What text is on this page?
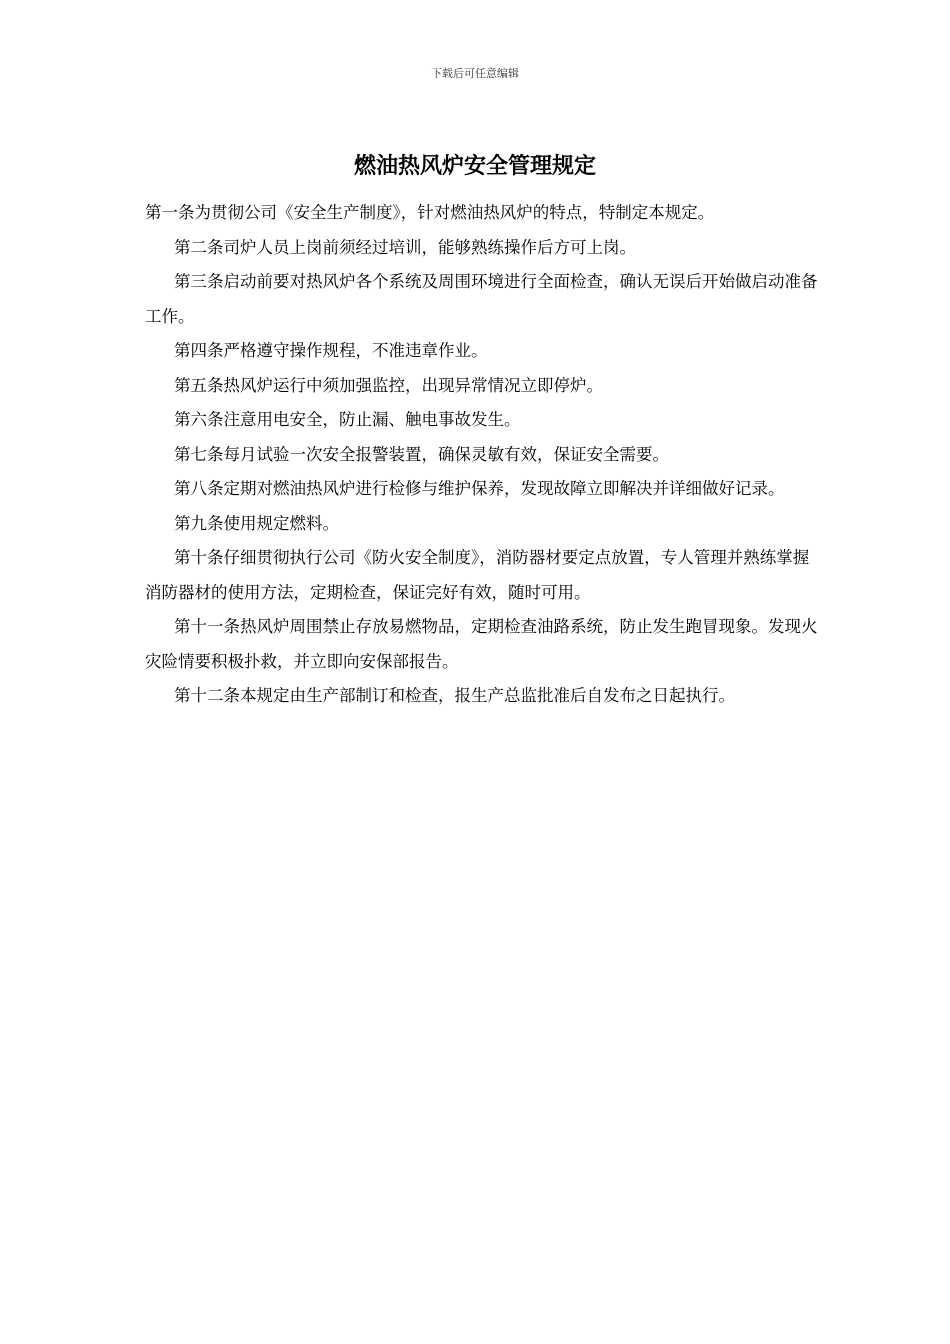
下载后可任意编辑
燃油热风炉安全管理规定

第一条为贯彻公司《安全生产制度》，针对燃油热风炉的特点，特制定本规定。

第二条司炉人员上岗前须经过培训，能够熟练操作后方可上岗。

第三条启动前要对热风炉各个系统及周围环境进行全面检查，确认无误后开始做启动准备工作。

第四条严格遵守操作规程，不准违章作业。

第五条热风炉运行中须加强监控，出现异常情况立即停炉。

第六条注意用电安全，防止漏、触电事故发生。

第七条每月试验一次安全报警装置，确保灵敏有效，保证安全需要。

第八条定期对燃油热风炉进行检修与维护保养，发现故障立即解决并详细做好记录。

第九条使用规定燃料。

第十条仔细贯彻执行公司《防火安全制度》，消防器材要定点放置，专人管理并熟练掌握消防器材的使用方法，定期检查，保证完好有效，随时可用。

第十一条热风炉周围禁止存放易燃物品，定期检查油路系统，防止发生跑冒现象。发现火灾险情要积极扑救，并立即向安保部报告。

第十二条本规定由生产部制订和检查，报生产总监批准后自发布之日起执行。
